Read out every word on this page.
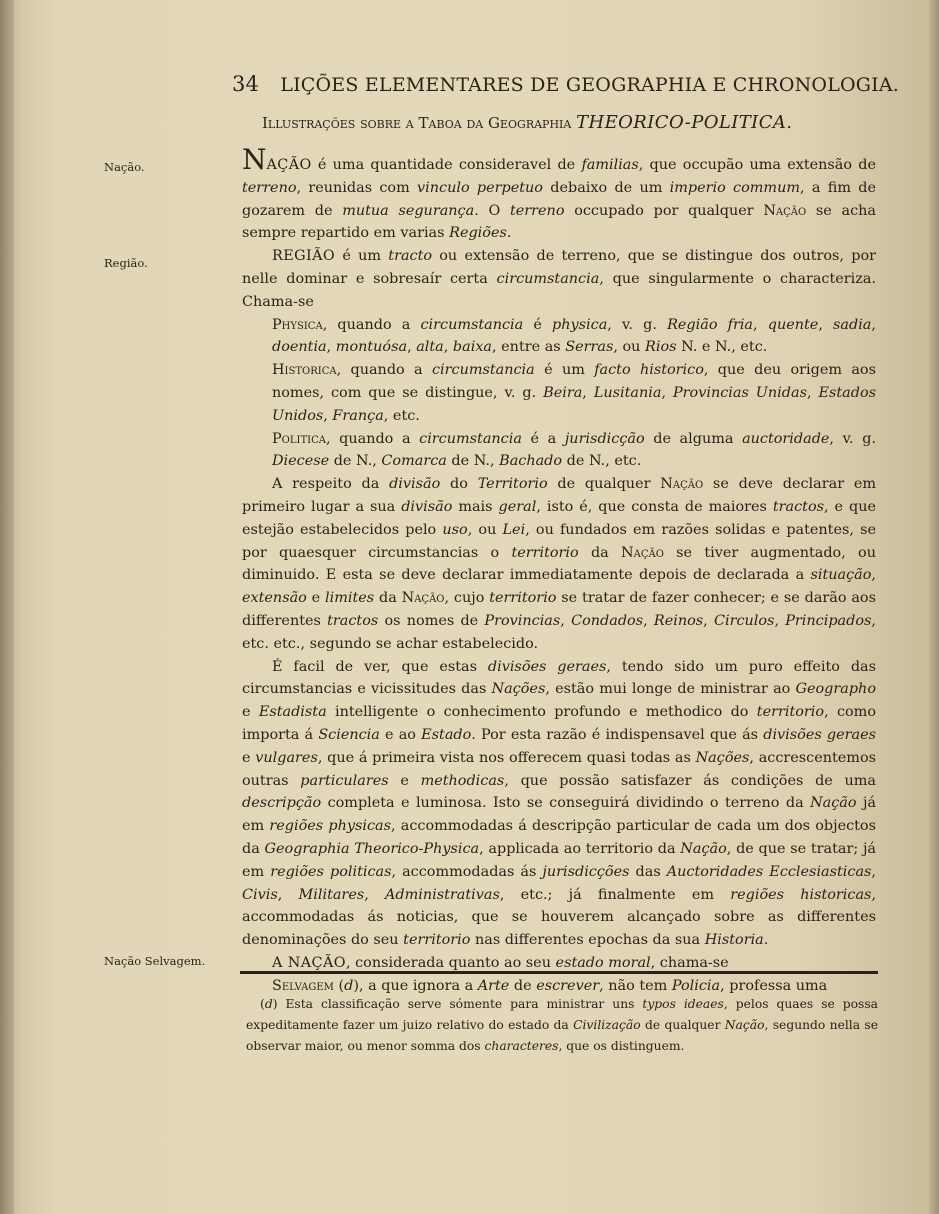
34 LIÇÕES ELEMENTARES DE GEOGRAPHIA E CHRONOLOGIA.
Illustrações sobre a Taboa da Geographia THEORICO-POLITICA.
Nação.
Região.
Nação Selvagem.

NAÇÃO é uma quantidade consideravel de familias, que occupão uma extensão de terreno, reunidas com vinculo perpetuo debaixo de um imperio commum, a fim de gozarem de mutua segurança. O terreno occupado por qualquer Nação se acha sempre repartido em varias Regiões.

REGIÃO é um tracto ou extensão de terreno, que se distingue dos outros, por nelle dominar e sobresaír certa circumstancia, que singularmente o characteriza. Chama-se

Physica, quando a circumstancia é physica, v. g. Região fria, quente, sadia, doentia, montuósa, alta, baixa, entre as Serras, ou Rios N. e N., etc.

Historica, quando a circumstancia é um facto historico, que deu origem aos nomes, com que se distingue, v. g. Beira, Lusitania, Provincias Unidas, Estados Unidos, França, etc.

Politica, quando a circumstancia é a jurisdicção de alguma auctoridade, v. g. Diecese de N., Comarca de N., Bachado de N., etc.

A respeito da divisão do Territorio de qualquer Nação se deve declarar em primeiro lugar a sua divisão mais geral, isto é, que consta de maiores tractos, e que estejão estabelecidos pelo uso, ou Lei, ou fundados em razões solidas e patentes, se por quaesquer circumstancias o territorio da Nação se tiver augmentado, ou diminuido. E esta se deve declarar immediatamente depois de declarada a situação, extensão e limites da Nação, cujo territorio se tratar de fazer conhecer; e se darão aos differentes tractos os nomes de Provincias, Condados, Reinos, Circulos, Principados, etc. etc., segundo se achar estabelecido.

É facil de ver, que estas divisões geraes, tendo sido um puro effeito das circumstancias e vicissitudes das Nações, estão mui longe de ministrar ao Geographo e Estadista intelligente o conhecimento profundo e methodico do territorio, como importa á Sciencia e ao Estado. Por esta razão é indispensavel que ás divisões geraes e vulgares, que á primeira vista nos offerecem quasi todas as Nações, accrescentemos outras particulares e methodicas, que possão satisfazer ás condições de uma descripção completa e luminosa. Isto se conseguirá dividindo o terreno da Nação já em regiões physicas, accommodadas á descripção particular de cada um dos objectos da Geographia Theorico-Physica, applicada ao territorio da Nação, de que se tratar; já em regiões politicas, accommodadas ás jurisdicções das Auctoridades Ecclesiasticas, Civis, Militares, Administrativas, etc.; já finalmente em regiões historicas, accommodadas ás noticias, que se houverem alcançado sobre as differentes denominações do seu territorio nas differentes epochas da sua Historia.

A NAÇÃO, considerada quanto ao seu estado moral, chama-se

Selvagem (d), a que ignora a Arte de escrever, não tem Policia, professa uma

(d) Esta classificação serve sómente para ministrar uns typos ideaes, pelos quaes se possa expeditamente fazer um juizo relativo do estado da Civilização de qualquer Nação, segundo nella se observar maior, ou menor somma dos characteres, que os distinguem.
